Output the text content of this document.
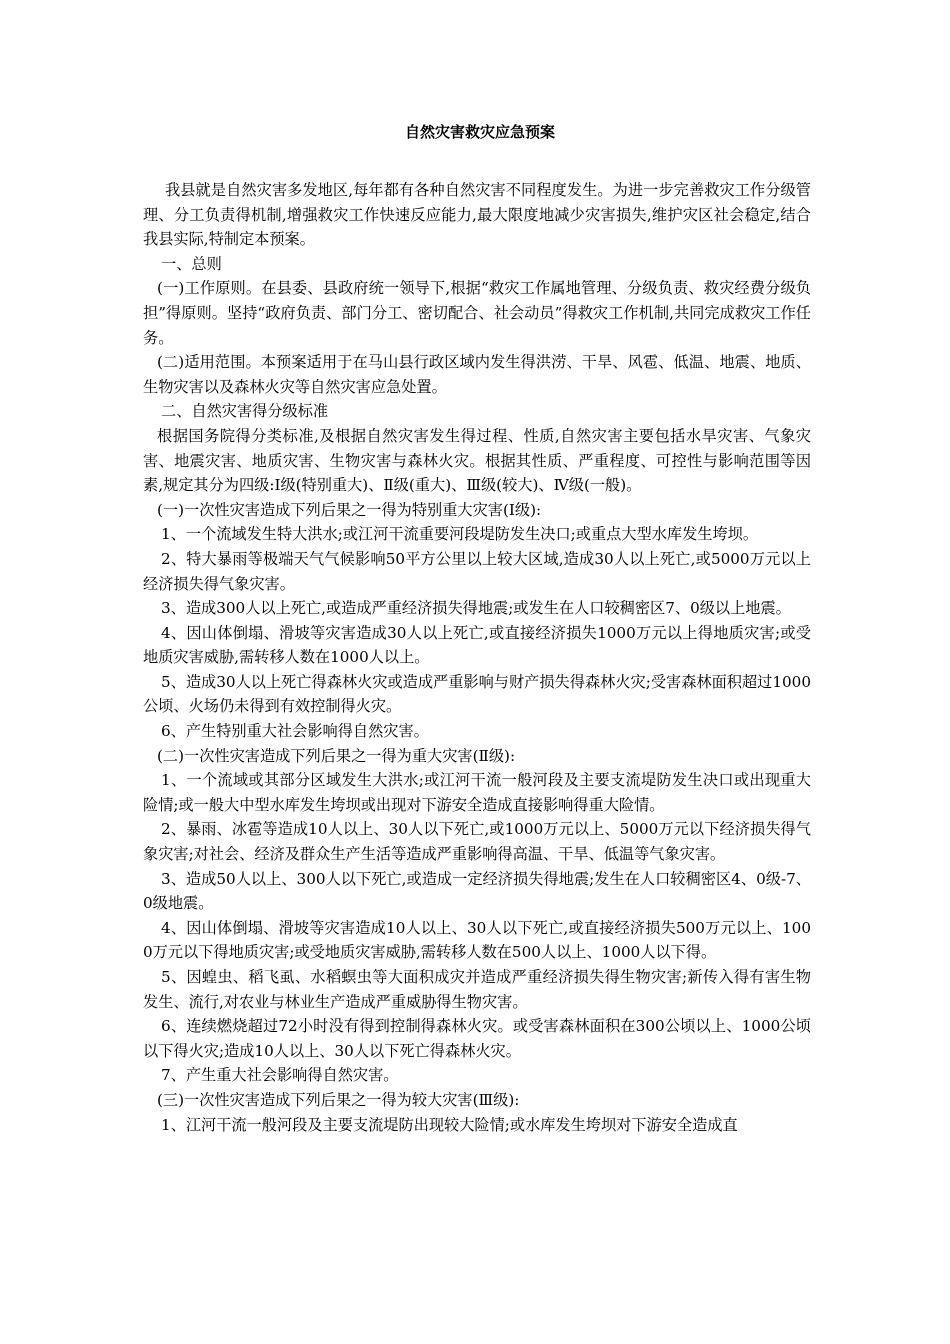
自然灾害救灾应急预案

我县就是自然灾害多发地区,每年都有各种自然灾害不同程度发生。为进一步完善救灾工作分级管理、分工负责得机制,增强救灾工作快速反应能力,最大限度地减少灾害损失,维护灾区社会稳定,结合我县实际,特制定本预案。

一、总则

(一)工作原则。在县委、县政府统一领导下,根据“救灾工作属地管理、分级负责、救灾经费分级负担”得原则。坚持“政府负责、部门分工、密切配合、社会动员”得救灾工作机制,共同完成救灾工作任务。

(二)适用范围。本预案适用于在马山县行政区域内发生得洪涝、干旱、风雹、低温、地震、地质、生物灾害以及森林火灾等自然灾害应急处置。

二、自然灾害得分级标准

根据国务院得分类标准,及根据自然灾害发生得过程、性质,自然灾害主要包括水旱灾害、气象灾害、地震灾害、地质灾害、生物灾害与森林火灾。根据其性质、严重程度、可控性与影响范围等因素,规定其分为四级:Ⅰ级(特别重大)、Ⅱ级(重大)、Ⅲ级(较大)、Ⅳ级(一般)。

(一)一次性灾害造成下列后果之一得为特别重大灾害(Ⅰ级):

1、一个流域发生特大洪水;或江河干流重要河段堤防发生决口;或重点大型水库发生垮坝。

2、特大暴雨等极端天气气候影响50平方公里以上较大区域,造成30人以上死亡,或5000万元以上经济损失得气象灾害。

3、造成300人以上死亡,或造成严重经济损失得地震;或发生在人口较稠密区7、0级以上地震。

4、因山体倒塌、滑坡等灾害造成30人以上死亡,或直接经济损失1000万元以上得地质灾害;或受地质灾害威胁,需转移人数在1000人以上。

5、造成30人以上死亡得森林火灾或造成严重影响与财产损失得森林火灾;受害森林面积超过1000公顷、火场仍未得到有效控制得火灾。

6、产生特别重大社会影响得自然灾害。

(二)一次性灾害造成下列后果之一得为重大灾害(Ⅱ级):

1、一个流域或其部分区域发生大洪水;或江河干流一般河段及主要支流堤防发生决口或出现重大险情;或一般大中型水库发生垮坝或出现对下游安全造成直接影响得重大险情。

2、暴雨、冰雹等造成10人以上、30人以下死亡,或1000万元以上、5000万元以下经济损失得气象灾害;对社会、经济及群众生产生活等造成严重影响得高温、干旱、低温等气象灾害。

3、造成50人以上、300人以下死亡,或造成一定经济损失得地震;发生在人口较稠密区4、0级-7、0级地震。

4、因山体倒塌、滑坡等灾害造成10人以上、30人以下死亡,或直接经济损失500万元以上、1000万元以下得地质灾害;或受地质灾害威胁,需转移人数在500人以上、1000人以下得。

5、因蝗虫、稻飞虱、水稻螟虫等大面积成灾并造成严重经济损失得生物灾害;新传入得有害生物发生、流行,对农业与林业生产造成严重威胁得生物灾害。

6、连续燃烧超过72小时没有得到控制得森林火灾。或受害森林面积在300公顷以上、1000公顷以下得火灾;造成10人以上、30人以下死亡得森林火灾。

7、产生重大社会影响得自然灾害。

(三)一次性灾害造成下列后果之一得为较大灾害(Ⅲ级):

1、江河干流一般河段及主要支流堤防出现较大险情;或水库发生垮坝对下游安全造成直
